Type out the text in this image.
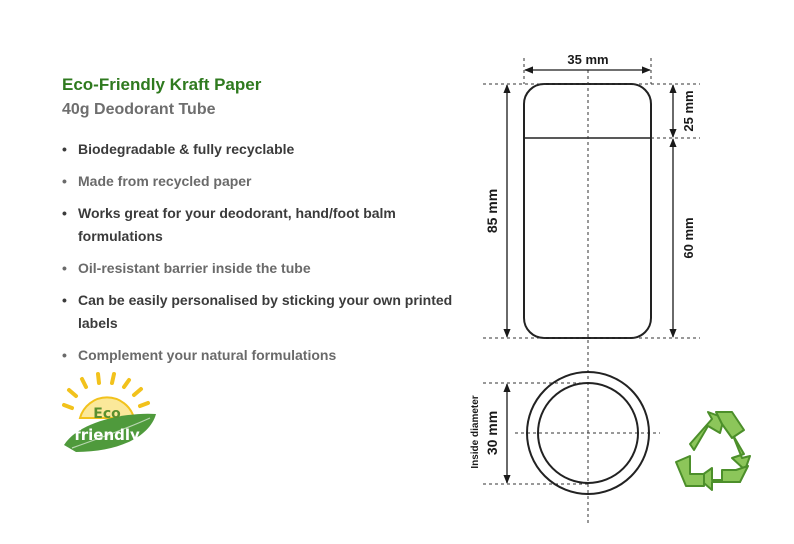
Eco-Friendly Kraft Paper
40g Deodorant Tube
• Biodegradable & fully recyclable
• Made from recycled paper
• Works great for your deodorant, hand/foot balm formulations
• Oil-resistant barrier inside the tube
• Can be easily personalised by sticking your own printed labels
• Complement your natural formulations
35 mm
85 mm
25 mm
60 mm
Inside diameter 30 mm
Eco
friendly
